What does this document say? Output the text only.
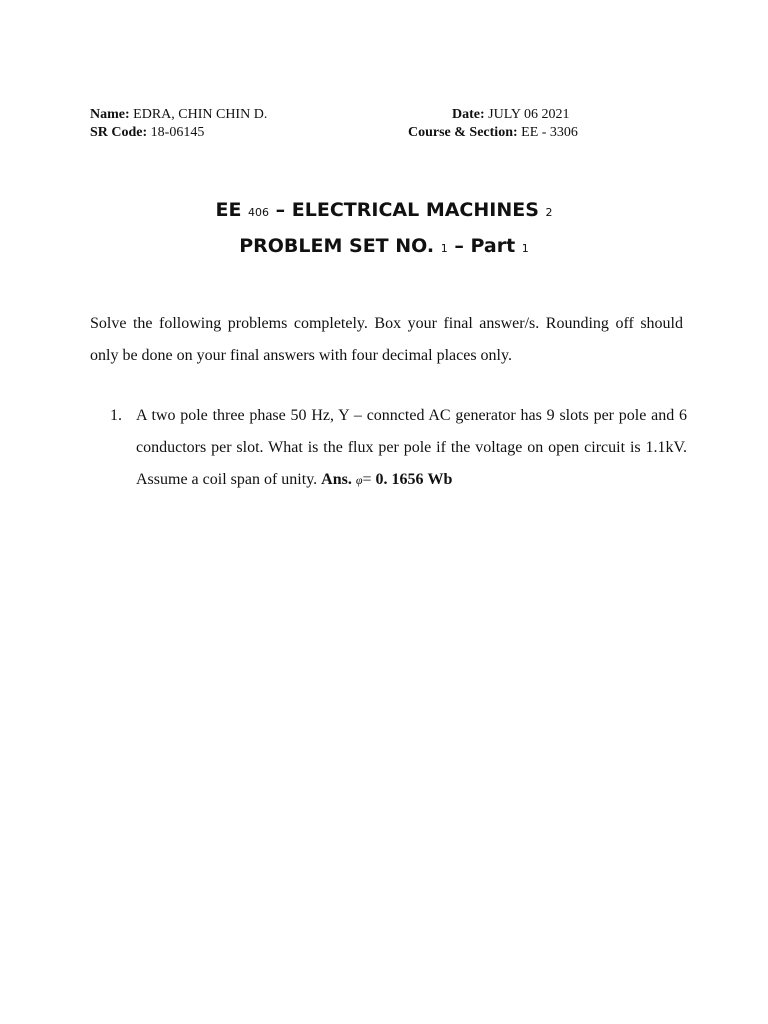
Name: EDRA, CHIN CHIN D.
SR Code: 18-06145
Date: JULY 06 2021
Course & Section: EE - 3306
EE 406 – ELECTRICAL MACHINES 2
PROBLEM SET NO. 1 – Part 1
Solve the following problems completely. Box your final answer/s. Rounding off should only be done on your final answers with four decimal places only.
1. A two pole three phase 50 Hz, Y – conncted AC generator has 9 slots per pole and 6 conductors per slot. What is the flux per pole if the voltage on open circuit is 1.1kV. Assume a coil span of unity. Ans. φ= 0. 1656 Wb
